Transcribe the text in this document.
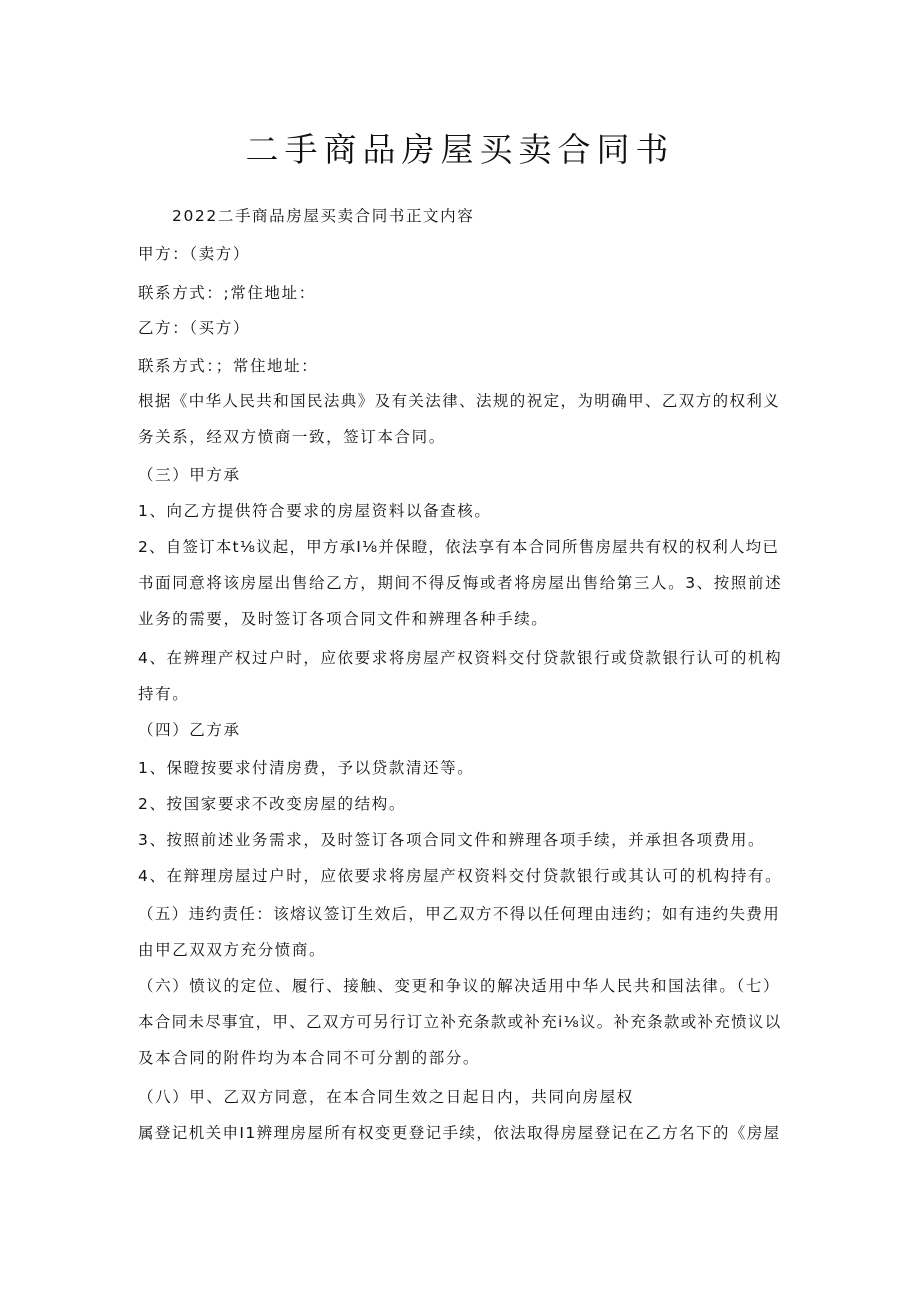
二手商品房屋买卖合同书
2022二手商品房屋买卖合同书正文内容
甲方：（卖方）
联系方式：;常住地址：
乙方：（买方）
联系方式：；常住地址：
根据《中华人民共和国民法典》及有关法律、法规的祝定，为明确甲、乙双方的权利义
务关系，经双方愤商一致，签订本合同。
（三）甲方承
1、向乙方提供符合要求的房屋资料以备查核。
2、自签订本t⅛议起，甲方承I⅛并保瞪，依法享有本合同所售房屋共有权的权利人均已
书面同意将该房屋出售给乙方，期间不得反悔或者将房屋出售给第三人。3、按照前述
业务的需要，及时签订各项合同文件和辨理各种手续。
4、在辨理产权过户时，应依要求将房屋产权资料交付贷款银行或贷款银行认可的机构
持有。
（四）乙方承
1、保瞪按要求付清房费，予以贷款清还等。
2、按国家要求不改变房屋的结构。
3、按照前述业务需求，及时签订各项合同文件和辨理各项手续，并承担各项费用。
4、在辩理房屋过户时，应依要求将房屋产权资料交付贷款银行或其认可的机构持有。
（五）违约责任：该熔议签订生效后，甲乙双方不得以任何理由违约；如有违约失费用
由甲乙双双方充分愤商。
（六）愤议的定位、履行、接触、变更和争议的解决适用中华人民共和国法律。（七）
本合同未尽事宜，甲、乙双方可另行订立补充条款或补充i⅛议。补充条款或补充愤议以
及本合同的附件均为本合同不可分割的部分。
（八）甲、乙双方同意，在本合同生效之日起日内，共同向房屋权
属登记机关申I1辨理房屋所有权变更登记手续，依法取得房屋登记在乙方名下的《房屋
